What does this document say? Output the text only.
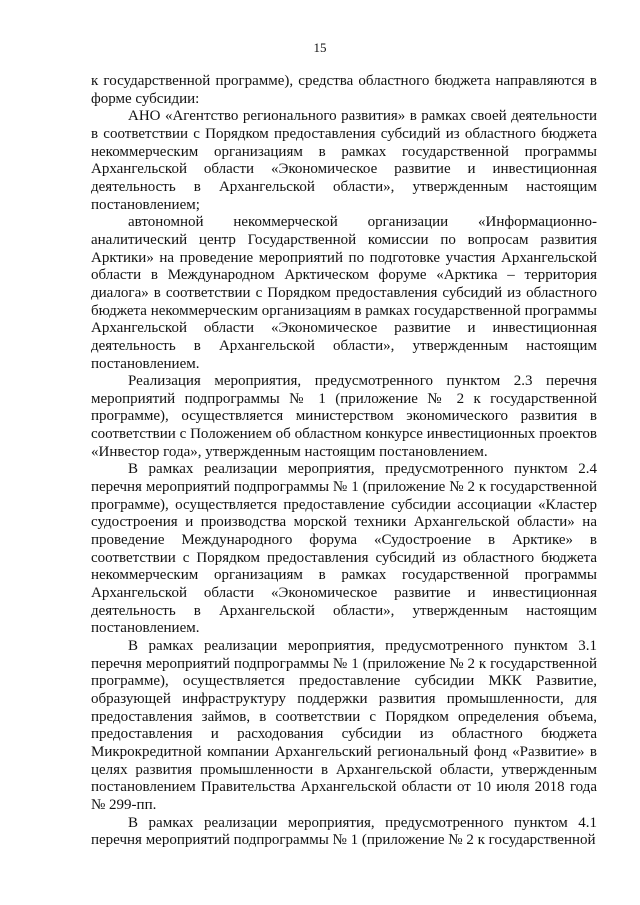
15

к государственной программе), средства областного бюджета направляются в форме субсидии:

АНО «Агентство регионального развития» в рамках своей деятельности в соответствии с Порядком предоставления субсидий из областного бюджета некоммерческим организациям в рамках государственной программы Архангельской области «Экономическое развитие и инвестиционная деятельность в Архангельской области», утвержденным настоящим постановлением;

автономной некоммерческой организации «Информационно-аналитический центр Государственной комиссии по вопросам развития Арктики» на проведение мероприятий по подготовке участия Архангельской области в Международном Арктическом форуме «Арктика – территория диалога» в соответствии с Порядком предоставления субсидий из областного бюджета некоммерческим организациям в рамках государственной программы Архангельской области «Экономическое развитие и инвестиционная деятельность в Архангельской области», утвержденным настоящим постановлением.

Реализация мероприятия, предусмотренного пунктом 2.3 перечня мероприятий подпрограммы № 1 (приложение № 2 к государственной программе), осуществляется министерством экономического развития в соответствии с Положением об областном конкурсе инвестиционных проектов «Инвестор года», утвержденным настоящим постановлением.

В рамках реализации мероприятия, предусмотренного пунктом 2.4 перечня мероприятий подпрограммы № 1 (приложение № 2 к государственной программе), осуществляется предоставление субсидии ассоциации «Кластер судостроения и производства морской техники Архангельской области» на проведение Международного форума «Судостроение в Арктике» в соответствии с Порядком предоставления субсидий из областного бюджета некоммерческим организациям в рамках государственной программы Архангельской области «Экономическое развитие и инвестиционная деятельность в Архангельской области», утвержденным настоящим постановлением.

В рамках реализации мероприятия, предусмотренного пунктом 3.1 перечня мероприятий подпрограммы № 1 (приложение № 2 к государственной программе), осуществляется предоставление субсидии МКК Развитие, образующей инфраструктуру поддержки развития промышленности, для предоставления займов, в соответствии с Порядком определения объема, предоставления и расходования субсидии из областного бюджета Микрокредитной компании Архангельский региональный фонд «Развитие» в целях развития промышленности в Архангельской области, утвержденным постановлением Правительства Архангельской области от 10 июля 2018 года № 299-пп.

В рамках реализации мероприятия, предусмотренного пунктом 4.1 перечня мероприятий подпрограммы № 1 (приложение № 2 к государственной
